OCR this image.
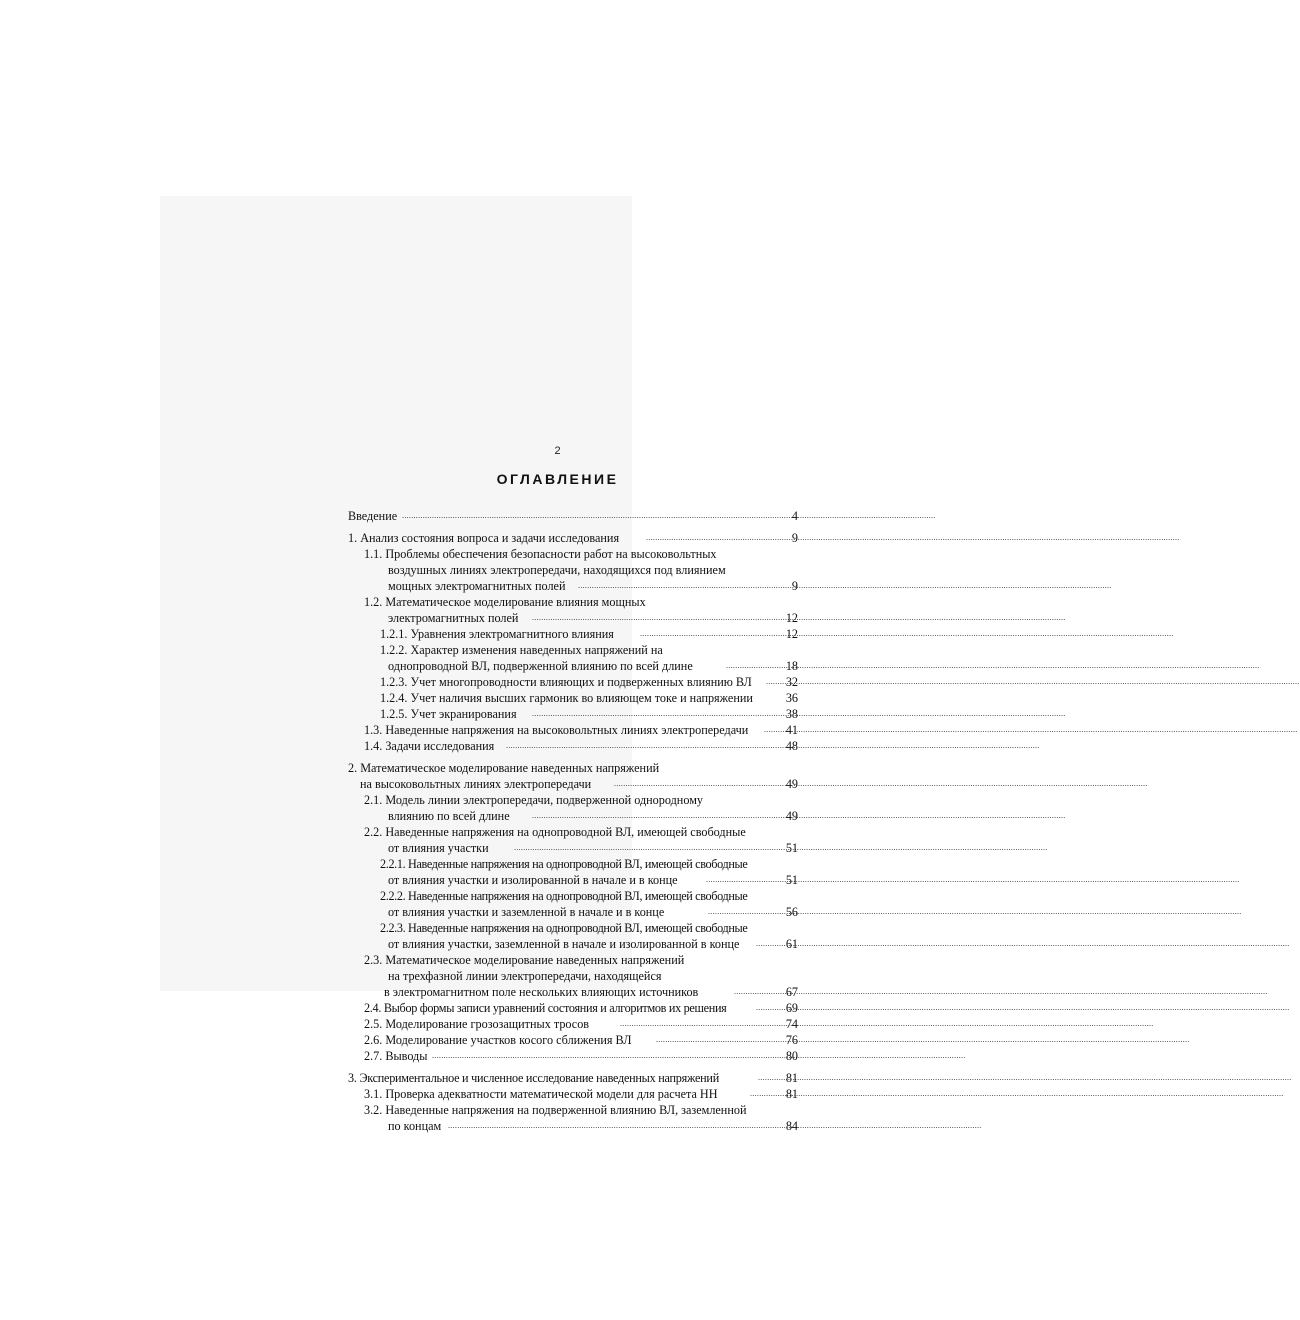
2
ОГЛАВЛЕНИЕ
Введение .....	4
1. Анализ состояния вопроса и задачи исследования .....	9
1.1. Проблемы обеспечения безопасности работ на высоковольтных
воздушных линиях электропередачи, находящихся под влиянием
мощных электромагнитных полей .....	9
1.2. Математическое моделирование влияния мощных
электромагнитных полей .....	12
1.2.1. Уравнения электромагнитного влияния .....	12
1.2.2. Характер изменения наведенных напряжений на
однопроводной ВЛ, подверженной влиянию по всей длине .....	18
1.2.3. Учет многопроводности влияющих и подверженных влиянию ВЛ .....	32
1.2.4. Учет наличия высших гармоник во влияющем токе и напряжении	36
1.2.5. Учет экранирования .....	38
1.3. Наведенные напряжения на высоковольтных линиях электропередачи .....	41
1.4. Задачи исследования .....	48
2. Математическое моделирование наведенных напряжений
на высоковольтных линиях электропередачи .....	49
2.1. Модель линии электропередачи, подверженной однородному
влиянию по всей длине .....	49
2.2. Наведенные напряжения на однопроводной ВЛ, имеющей свободные
от влияния участки .....	51
2.2.1. Наведенные напряжения на однопроводной ВЛ, имеющей свободные
от влияния участки и изолированной в начале и в конце .....	51
2.2.2. Наведенные напряжения на однопроводной ВЛ, имеющей свободные
от влияния участки и заземленной в начале и в конце .....	56
2.2.3. Наведенные напряжения на однопроводной ВЛ, имеющей свободные
от влияния участки, заземленной в начале и изолированной в конце .....	61
2.3. Математическое моделирование наведенных напряжений
на трехфазной линии электропередачи, находящейся
в электромагнитном поле нескольких влияющих источников .....	67
2.4. Выбор формы записи уравнений состояния и алгоритмов их решения .....	69
2.5. Моделирование грозозащитных тросов .....	74
2.6. Моделирование участков косого сближения ВЛ .....	76
2.7. Выводы .....	80
3. Экспериментальное и численное исследование наведенных напряжений .....	81
3.1. Проверка адекватности математической модели для расчета НН .....	81
3.2. Наведенные напряжения на подверженной влиянию ВЛ, заземленной
по концам .....	84
